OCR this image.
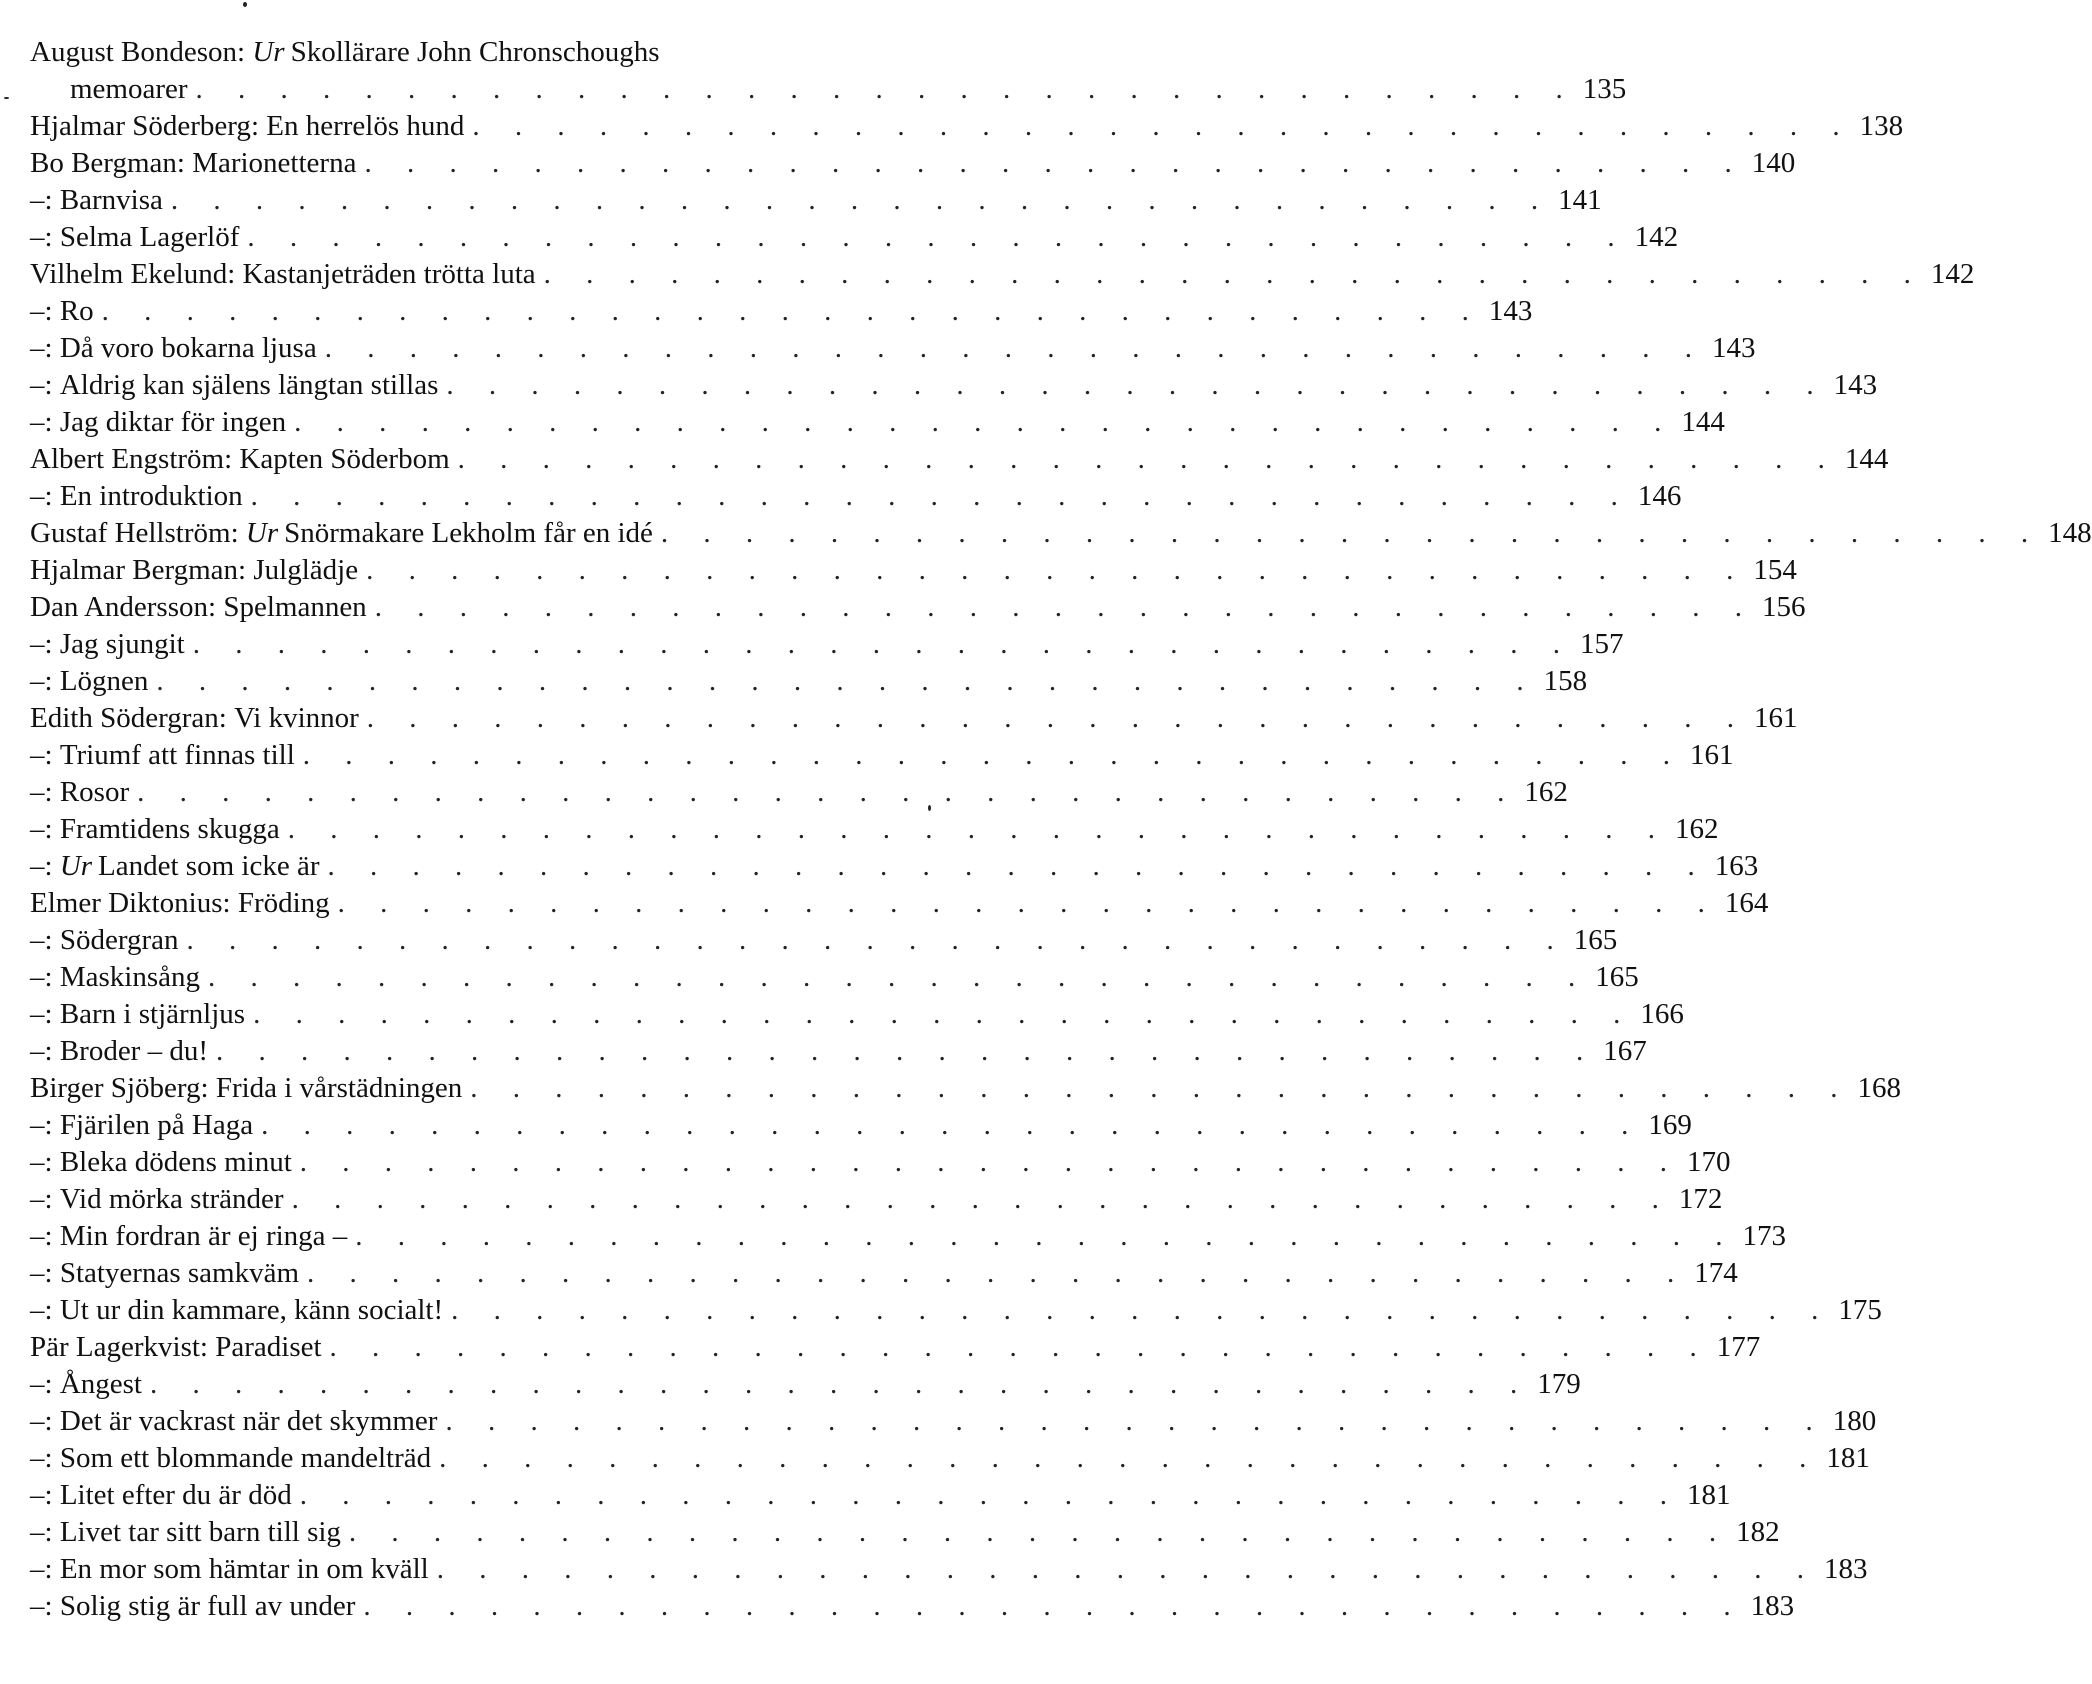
August Bondeson: Ur Skollärare John Chronschoughs
memoarer . . . . . . . . . . . . . . . . . . . . . . . . . . . . . . . . . 135
Hjalmar Söderberg : En herrelös hund . . . . . . . . . . . . . . . . . . . . . . . . . . . . . . . . . 138
Bo Bergman : Marionetterna . . . . . . . . . . . . . . . . . . . . . . . . . . . . . . . . . 140
– : Barnvisa . . . . . . . . . . . . . . . . . . . . . . . . . . . . . . . . . 141
– : Selma Lagerlöf . . . . . . . . . . . . . . . . . . . . . . . . . . . . . . . . . 142
Vilhelm Ekelund : Kastanjeträden trötta luta . . . . . . . . . . . . . . . . . . . . . . . . . . . . . . . . . 142
– : Ro . . . . . . . . . . . . . . . . . . . . . . . . . . . . . . . . . 143
– : Då voro bokarna ljusa . . . . . . . . . . . . . . . . . . . . . . . . . . . . . . . . . 143
– : Aldrig kan själens längtan stillas . . . . . . . . . . . . . . . . . . . . . . . . . . . . . . . . . 143
– : Jag diktar för ingen . . . . . . . . . . . . . . . . . . . . . . . . . . . . . . . . . 144
Albert Engström : Kapten Söderbom . . . . . . . . . . . . . . . . . . . . . . . . . . . . . . . . . 144
– : En introduktion . . . . . . . . . . . . . . . . . . . . . . . . . . . . . . . . . 146
Gustaf Hellström : Ur Snörmakare Lekholm får en idé . . . . . . . . . . . . . . . . . . . . . . . . . . . . . . . . . 148
Hjalmar Bergman : Julglädje . . . . . . . . . . . . . . . . . . . . . . . . . . . . . . . . . 154
Dan Andersson : Spelmannen . . . . . . . . . . . . . . . . . . . . . . . . . . . . . . . . . 156
– : Jag sjungit . . . . . . . . . . . . . . . . . . . . . . . . . . . . . . . . . 157
– : Lögnen . . . . . . . . . . . . . . . . . . . . . . . . . . . . . . . . . 158
Edith Södergran : Vi kvinnor . . . . . . . . . . . . . . . . . . . . . . . . . . . . . . . . . 161
– : Triumf att finnas till . . . . . . . . . . . . . . . . . . . . . . . . . . . . . . . . . 161
– : Rosor . . . . . . . . . . . . . . . . . . . . . . . . . . . . . . . . . 162
– : Framtidens skugga . . . . . . . . . . . . . . . . . . . . . . . . . . . . . . . . . 162
– : Ur Landet som icke är . . . . . . . . . . . . . . . . . . . . . . . . . . . . . . . . . 163
Elmer Diktonius : Fröding . . . . . . . . . . . . . . . . . . . . . . . . . . . . . . . . . 164
– : Södergran . . . . . . . . . . . . . . . . . . . . . . . . . . . . . . . . . 165
– : Maskinsång . . . . . . . . . . . . . . . . . . . . . . . . . . . . . . . . . 165
– : Barn i stjärnljus . . . . . . . . . . . . . . . . . . . . . . . . . . . . . . . . . 166
– : Broder – du! . . . . . . . . . . . . . . . . . . . . . . . . . . . . . . . . . 167
Birger Sjöberg : Frida i vårstädningen . . . . . . . . . . . . . . . . . . . . . . . . . . . . . . . . . 168
– : Fjärilen på Haga . . . . . . . . . . . . . . . . . . . . . . . . . . . . . . . . . 169
– : Bleka dödens minut . . . . . . . . . . . . . . . . . . . . . . . . . . . . . . . . . 170
– : Vid mörka stränder . . . . . . . . . . . . . . . . . . . . . . . . . . . . . . . . . 172
– : Min fordran är ej ringa – . . . . . . . . . . . . . . . . . . . . . . . . . . . . . . . . . 173
– : Statyernas samkväm . . . . . . . . . . . . . . . . . . . . . . . . . . . . . . . . . 174
– : Ut ur din kammare, känn socialt! . . . . . . . . . . . . . . . . . . . . . . . . . . . . . . . . . 175
Pär Lagerkvist : Paradiset . . . . . . . . . . . . . . . . . . . . . . . . . . . . . . . . . 177
– : Ångest . . . . . . . . . . . . . . . . . . . . . . . . . . . . . . . . . 179
– : Det är vackrast när det skymmer . . . . . . . . . . . . . . . . . . . . . . . . . . . . . . . . . 180
– : Som ett blommande mandelträd . . . . . . . . . . . . . . . . . . . . . . . . . . . . . . . . . 181
– : Litet efter du är död . . . . . . . . . . . . . . . . . . . . . . . . . . . . . . . . . 181
– : Livet tar sitt barn till sig . . . . . . . . . . . . . . . . . . . . . . . . . . . . . . . . . 182
– : En mor som hämtar in om kväll . . . . . . . . . . . . . . . . . . . . . . . . . . . . . . . . . 183
– : Solig stig är full av under . . . . . . . . . . . . . . . . . . . . . . . . . . . . . . . . . 183
